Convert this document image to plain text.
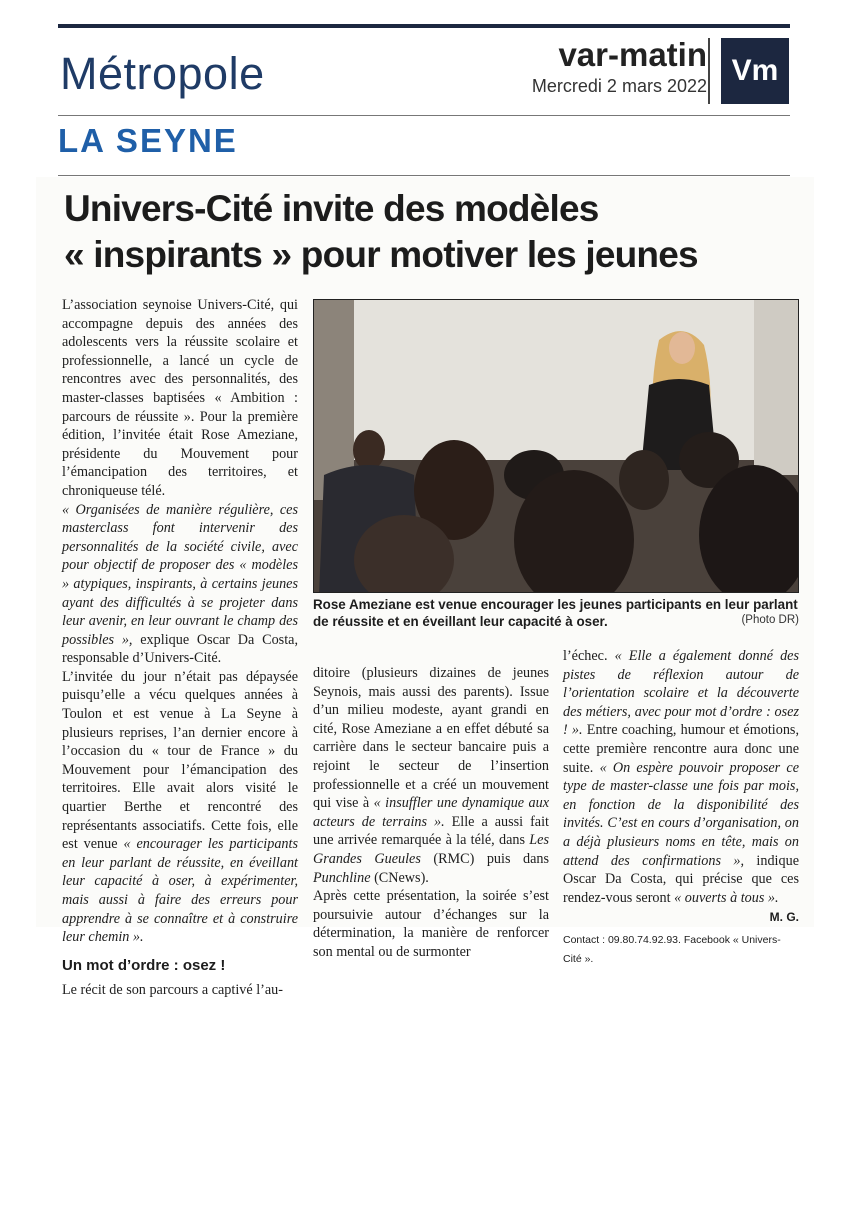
Métropole	var-matin
Mercredi 2 mars 2022 Vm
LA SEYNE
Univers-Cité invite des modèles
« inspirants » pour motiver les jeunes

L’association seynoise Univers-Cité, qui accompagne depuis des années des adolescents vers la réussite scolaire et professionnelle, a lancé un cycle de rencontres avec des personnalités, des master-classes baptisées « Ambition : parcours de réussite ». Pour la première édition, l’invitée était Rose Ameziane, présidente du Mouvement pour l’émancipation des territoires, et chroniqueuse télé.

« Organisées de manière régulière, ces masterclass font intervenir des personnalités de la société civile, avec pour objectif de proposer des « modèles » atypiques, inspirants, à certains jeunes ayant des difficultés à se projeter dans leur avenir, en leur ouvrant le champ des possibles », explique Oscar Da Costa, responsable d’Univers-Cité.

L’invitée du jour n’était pas dépaysée puisqu’elle a vécu quelques années à Toulon et est venue à La Seyne à plusieurs reprises, l’an dernier encore à l’occasion du « tour de France » du Mouvement pour l’émancipation des territoires. Elle avait alors visité le quartier Berthe et rencontré des représentants associatifs. Cette fois, elle est venue « encourager les participants en leur parlant de réussite, en éveillant leur capacité à oser, à expérimenter, mais aussi à faire des erreurs pour apprendre à se connaître et à construire leur chemin ».

Un mot d’ordre : osez !

Le récit de son parcours a captivé l’au-

Rose Ameziane est venue encourager les jeunes participants en leur parlant de réussite et en éveillant leur capacité à oser.	(Photo DR)

ditoire (plusieurs dizaines de jeunes Seynois, mais aussi des parents). Issue d’un milieu modeste, ayant grandi en cité, Rose Ameziane a en effet débuté sa carrière dans le secteur bancaire puis a rejoint le secteur de l’insertion professionnelle et a créé un mouvement qui vise à « insuffler une dynamique aux acteurs de terrains ». Elle a aussi fait une arrivée remarquée à la télé, dans Les Grandes Gueules (RMC) puis dans Punchline (CNews).

Après cette présentation, la soirée s’est poursuivie autour d’échanges sur la détermination, la manière de renforcer son mental ou de surmonter

l’échec. « Elle a également donné des pistes de réflexion autour de l’orientation scolaire et la découverte des métiers, avec pour mot d’ordre : osez ! ». Entre coaching, humour et émotions, cette première rencontre aura donc une suite. « On espère pouvoir proposer ce type de master-classe une fois par mois, en fonction de la disponibilité des invités. C’est en cours d’organisation, on a déjà plusieurs noms en tête, mais on attend des confirmations », indique Oscar Da Costa, qui précise que ces rendez-vous seront « ouverts à tous ».

M. G.
Contact : 09.80.74.92.93. Facebook « Univers-Cité ».
